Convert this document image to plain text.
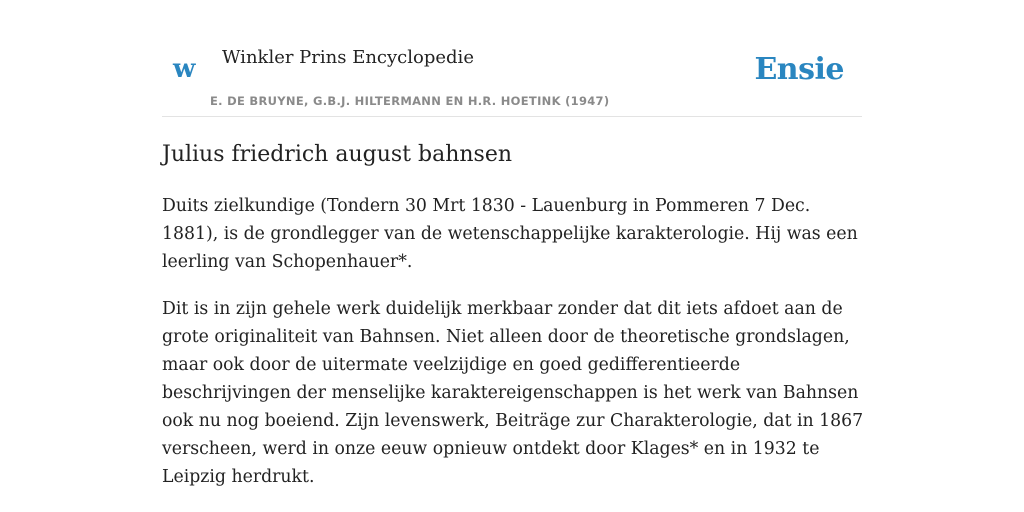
w Winkler Prins Encyclopedie
E. DE BRUYNE, G.B.J. HILTERMANN EN H.R. HOETINK (1947)
Ensie
Julius friedrich august bahnsen

Duits zielkundige (Tondern 30 Mrt 1830 - Lauenburg in Pommeren 7 Dec. 1881), is de grondlegger van de wetenschappelijke karakterologie. Hij was een leerling van Schopenhauer*.

Dit is in zijn gehele werk duidelijk merkbaar zonder dat dit iets afdoet aan de grote originaliteit van Bahnsen. Niet alleen door de theoretische grondslagen, maar ook door de uitermate veelzijdige en goed gedifferentieerde beschrijvingen der menselijke karaktereigenschappen is het werk van Bahnsen ook nu nog boeiend. Zijn levenswerk, Beiträge zur Charakterologie, dat in 1867 verscheen, werd in onze eeuw opnieuw ontdekt door Klages* en in 1932 te Leipzig herdrukt.
